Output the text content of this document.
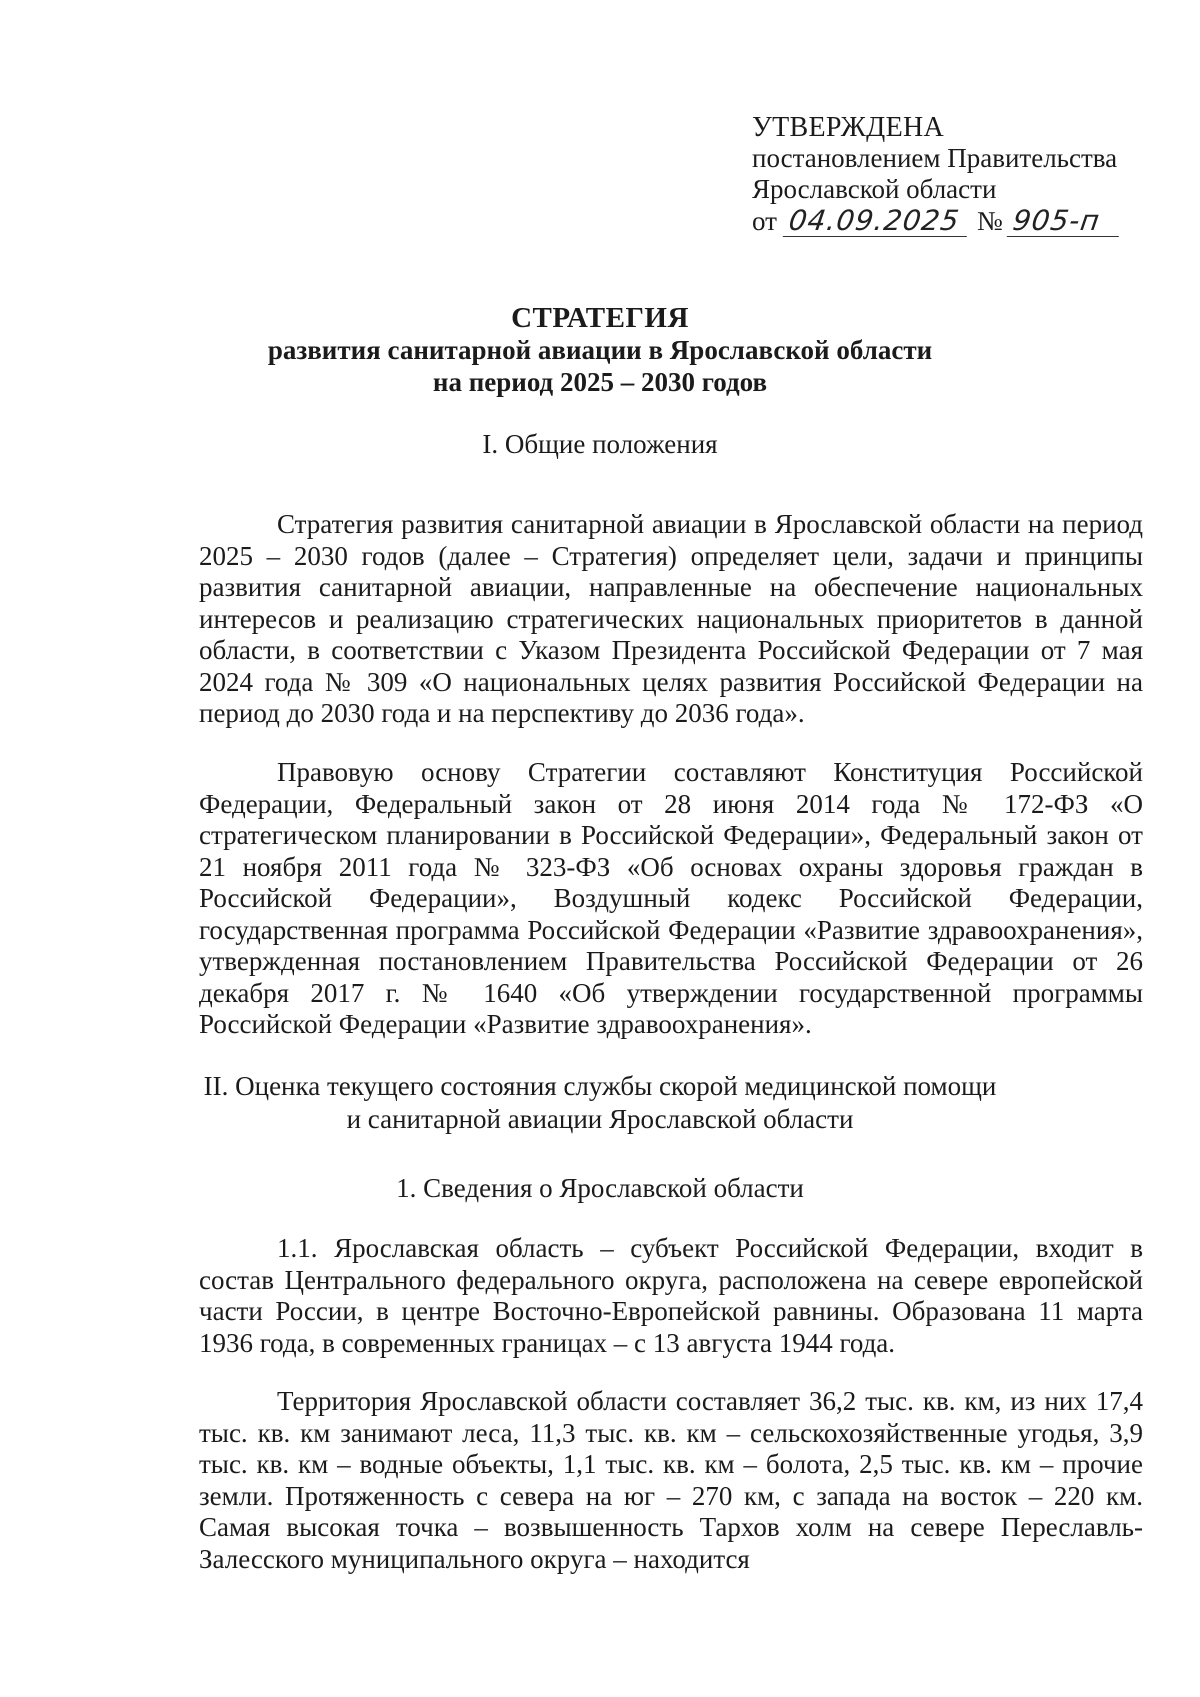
УТВЕРЖДЕНА
постановлением Правительства
Ярославской области
от 04.09.2025 № 905-п
СТРАТЕГИЯ
развития санитарной авиации в Ярославской области
на период 2025 – 2030 годов
I. Общие положения

Стратегия развития санитарной авиации в Ярославской области на период 2025 – 2030 годов (далее – Стратегия) определяет цели, задачи и принципы развития санитарной авиации, направленные на обеспечение национальных интересов и реализацию стратегических национальных приоритетов в данной области, в соответствии с Указом Президента Российской Федерации от 7 мая 2024 года № 309 «О национальных целях развития Российской Федерации на период до 2030 года и на перспективу до 2036 года».

Правовую основу Стратегии составляют Конституция Российской Федерации, Федеральный закон от 28 июня 2014 года № 172-ФЗ «О стратегическом планировании в Российской Федерации», Федеральный закон от 21 ноября 2011 года № 323-ФЗ «Об основах охраны здоровья граждан в Российской Федерации», Воздушный кодекс Российской Федерации, государственная программа Российской Федерации «Развитие здравоохранения», утвержденная постановлением Правительства Российской Федерации от 26 декабря 2017 г. № 1640 «Об утверждении государственной программы Российской Федерации «Развитие здравоохранения».

II. Оценка текущего состояния службы скорой медицинской помощи
и санитарной авиации Ярославской области
1. Сведения о Ярославской области

1.1. Ярославская область – субъект Российской Федерации, входит в состав Центрального федерального округа, расположена на севере европейской части России, в центре Восточно-Европейской равнины. Образована 11 марта 1936 года, в современных границах – с 13 августа 1944 года.

Территория Ярославской области составляет 36,2 тыс. кв. км, из них 17,4 тыс. кв. км занимают леса, 11,3 тыс. кв. км – сельскохозяйственные угодья, 3,9 тыс. кв. км – водные объекты, 1,1 тыс. кв. км – болота, 2,5 тыс. кв. км – прочие земли. Протяженность с севера на юг – 270 км, с запада на восток – 220 км. Самая высокая точка – возвышенность Тархов холм на севере Переславль-Залесского муниципального округа – находится
